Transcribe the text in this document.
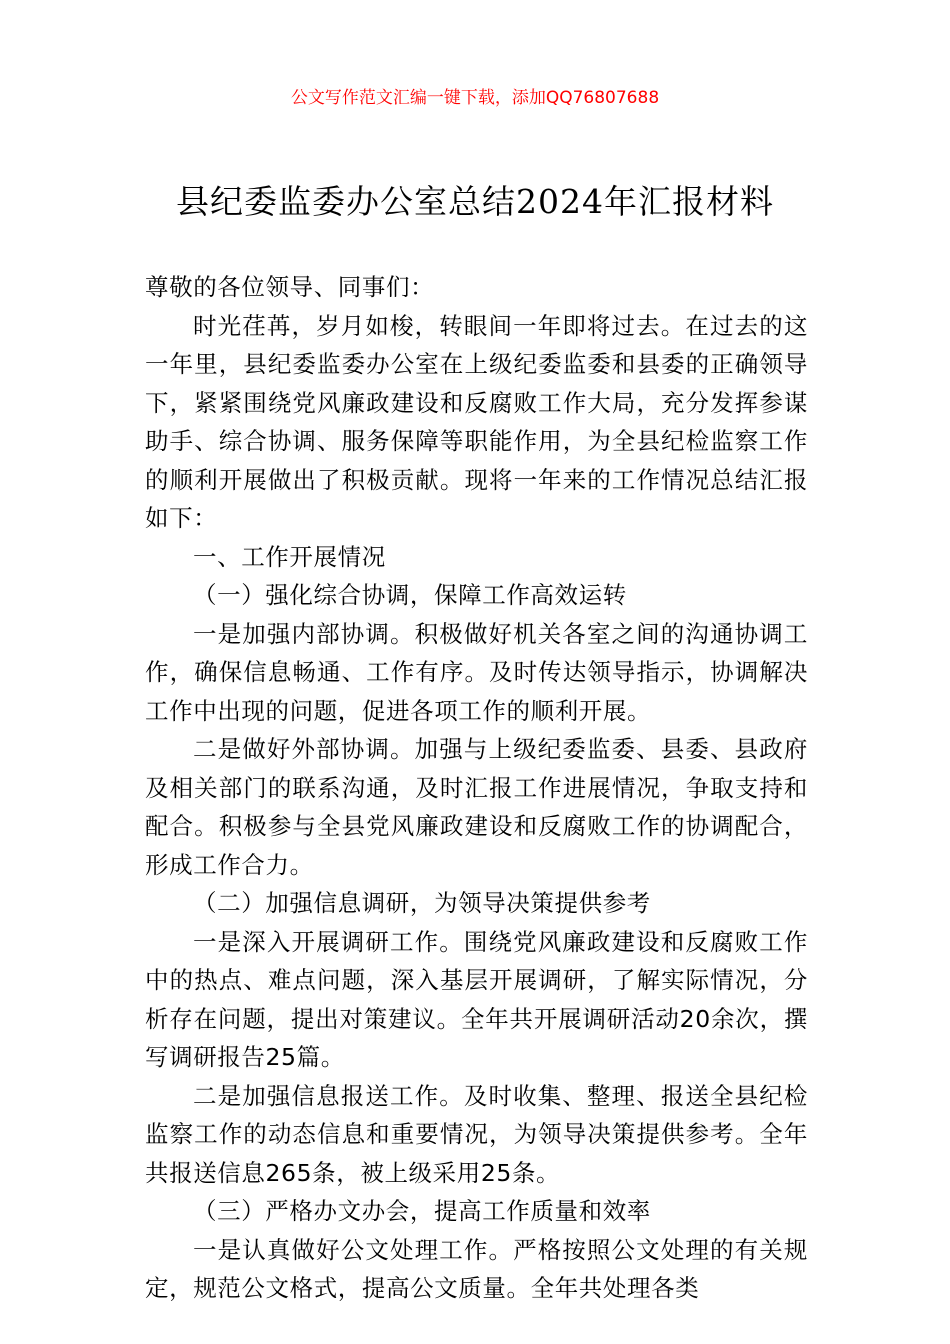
公文写作范文汇编一键下载，添加QQ76807688
县纪委监委办公室总结2024年汇报材料

尊敬的各位领导、同事们：

时光荏苒，岁月如梭，转眼间一年即将过去。在过去的这一年里，县纪委监委办公室在上级纪委监委和县委的正确领导下，紧紧围绕党风廉政建设和反腐败工作大局，充分发挥参谋助手、综合协调、服务保障等职能作用，为全县纪检监察工作的顺利开展做出了积极贡献。现将一年来的工作情况总结汇报如下：

一、工作开展情况

（一）强化综合协调，保障工作高效运转

一是加强内部协调。积极做好机关各室之间的沟通协调工作，确保信息畅通、工作有序。及时传达领导指示，协调解决工作中出现的问题，促进各项工作的顺利开展。

二是做好外部协调。加强与上级纪委监委、县委、县政府及相关部门的联系沟通，及时汇报工作进展情况，争取支持和配合。积极参与全县党风廉政建设和反腐败工作的协调配合，形成工作合力。

（二）加强信息调研，为领导决策提供参考

一是深入开展调研工作。围绕党风廉政建设和反腐败工作中的热点、难点问题，深入基层开展调研，了解实际情况，分析存在问题，提出对策建议。全年共开展调研活动20余次，撰写调研报告25篇。

二是加强信息报送工作。及时收集、整理、报送全县纪检监察工作的动态信息和重要情况，为领导决策提供参考。全年共报送信息265条，被上级采用25条。

（三）严格办文办会，提高工作质量和效率

一是认真做好公文处理工作。严格按照公文处理的有关规定，规范公文格式，提高公文质量。全年共处理各类
